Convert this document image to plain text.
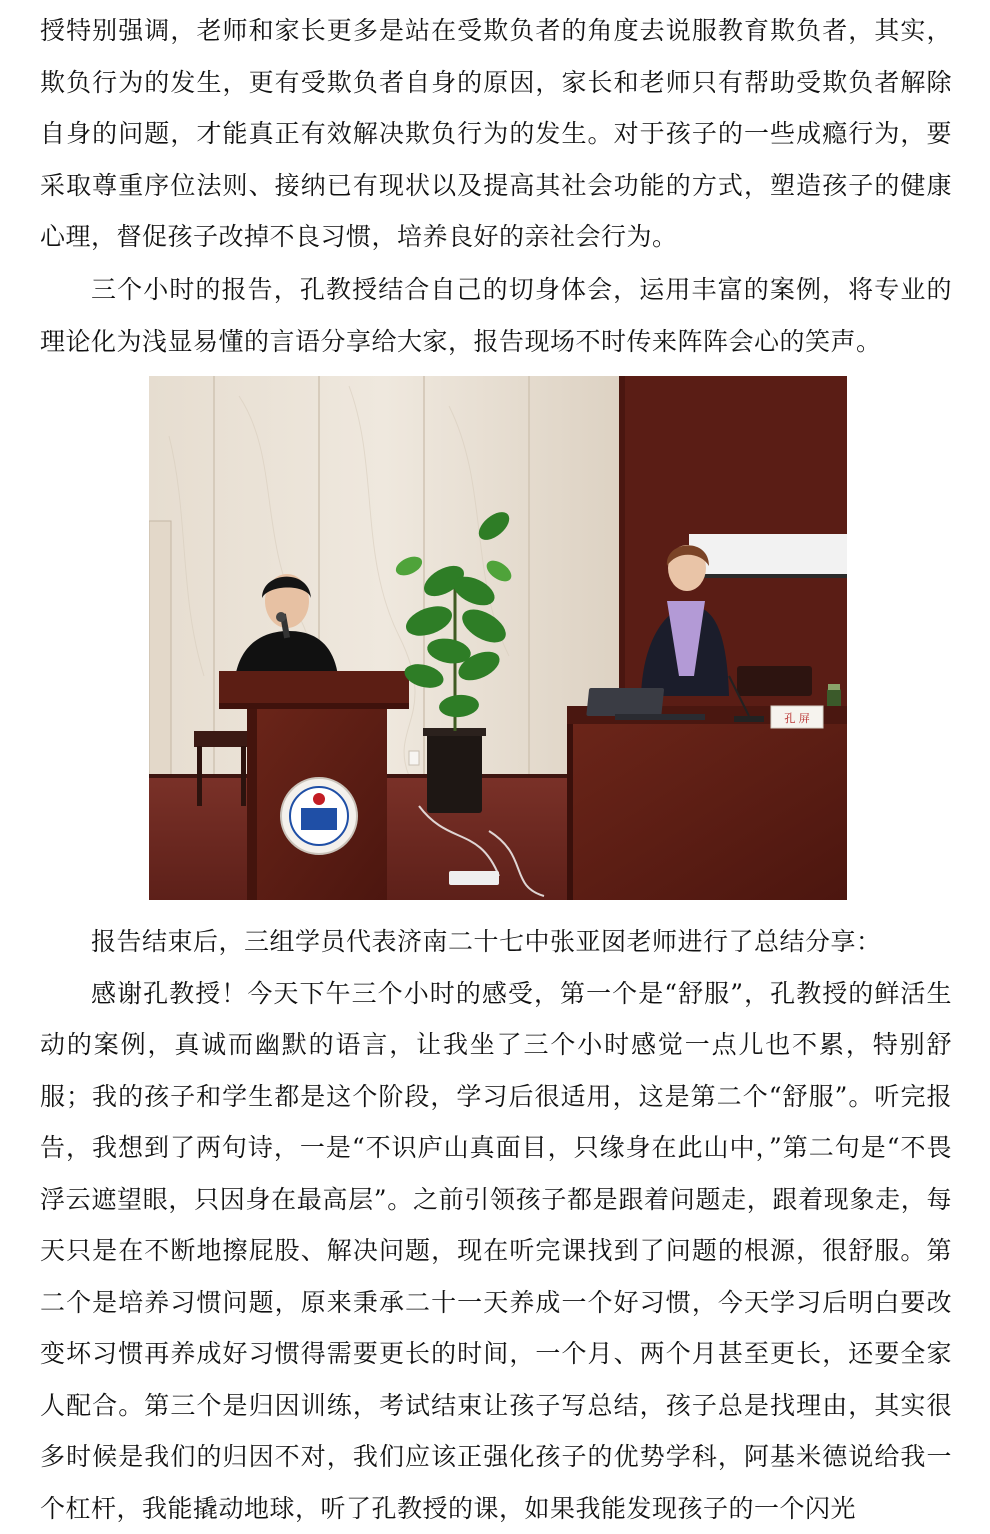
授特别强调，老师和家长更多是站在受欺负者的角度去说服教育欺负者，其实，欺负行为的发生，更有受欺负者自身的原因，家长和老师只有帮助受欺负者解除自身的问题，才能真正有效解决欺负行为的发生。对于孩子的一些成瘾行为，要采取尊重序位法则、接纳已有现状以及提高其社会功能的方式，塑造孩子的健康心理，督促孩子改掉不良习惯，培养良好的亲社会行为。

三个小时的报告，孔教授结合自己的切身体会，运用丰富的案例，将专业的理论化为浅显易懂的言语分享给大家，报告现场不时传来阵阵会心的笑声。

报告结束后，三组学员代表济南二十七中张亚囡老师进行了总结分享：

感谢孔教授！今天下午三个小时的感受，第一个是“舒服”，孔教授的鲜活生动的案例，真诚而幽默的语言，让我坐了三个小时感觉一点儿也不累，特别舒服；我的孩子和学生都是这个阶段，学习后很适用，这是第二个“舒服”。听完报告，我想到了两句诗，一是“不识庐山真面目，只缘身在此山中，”第二句是“不畏浮云遮望眼，只因身在最高层”。之前引领孩子都是跟着问题走，跟着现象走，每天只是在不断地擦屁股、解决问题，现在听完课找到了问题的根源，很舒服。第二个是培养习惯问题，原来秉承二十一天养成一个好习惯，今天学习后明白要改变坏习惯再养成好习惯得需要更长的时间，一个月、两个月甚至更长，还要全家人配合。第三个是归因训练，考试结束让孩子写总结，孩子总是找理由，其实很多时候是我们的归因不对，我们应该正强化孩子的优势学科，阿基米德说给我一个杠杆，我能撬动地球，听了孔教授的课，如果我能发现孩子的一个闪光

孔 屏
